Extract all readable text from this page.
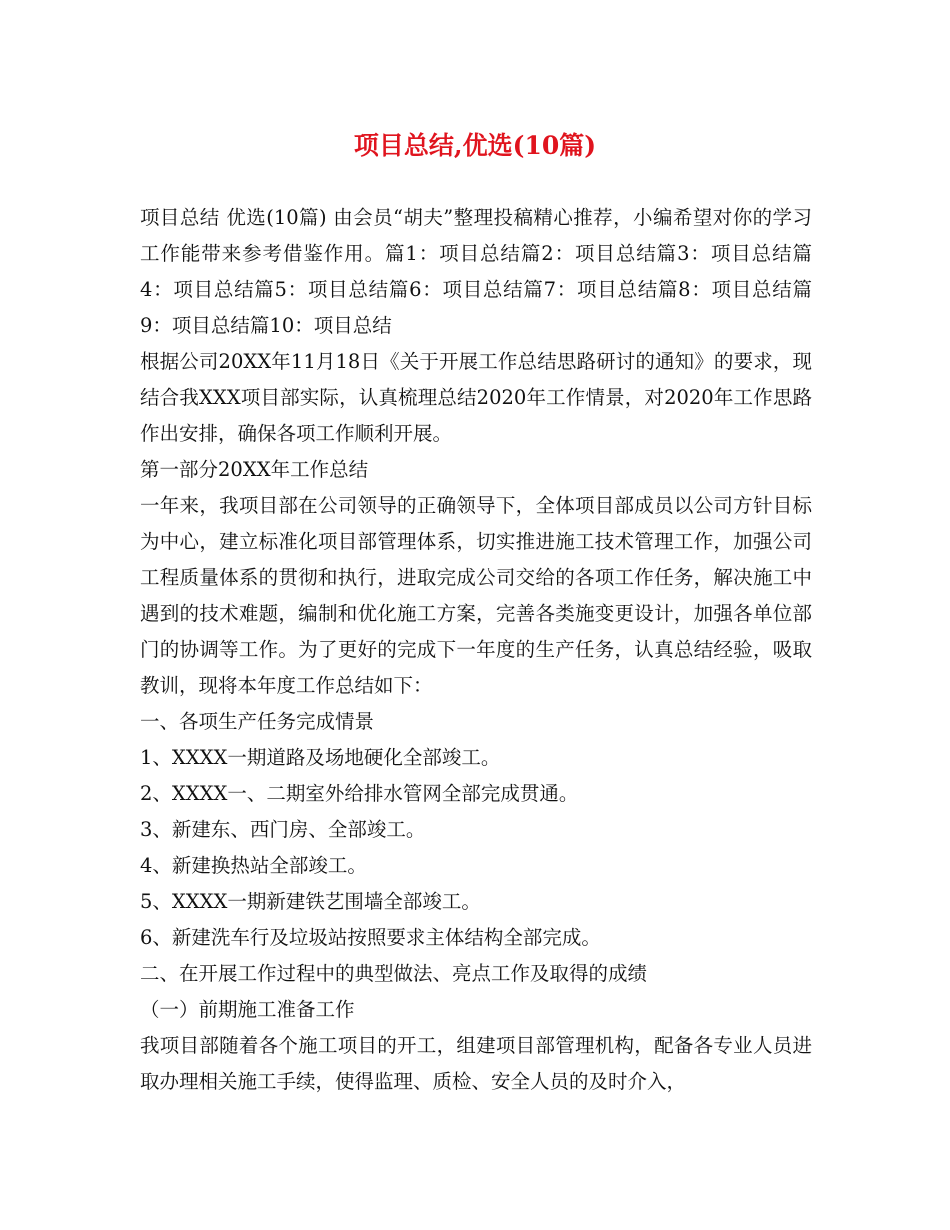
项目总结,优选(10篇)

项目总结 优选(10篇) 由会员“胡夫”整理投稿精心推荐，小编希望对你的学习工作能带来参考借鉴作用。篇1：项目总结篇2：项目总结篇3：项目总结篇4：项目总结篇5：项目总结篇6：项目总结篇7：项目总结篇8：项目总结篇9：项目总结篇10：项目总结

根据公司20XX年11月18日《关于开展工作总结思路研讨的通知》的要求，现结合我XXX项目部实际，认真梳理总结2020年工作情景，对2020年工作思路作出安排，确保各项工作顺利开展。

第一部分20XX年工作总结

一年来，我项目部在公司领导的正确领导下，全体项目部成员以公司方针目标为中心，建立标准化项目部管理体系，切实推进施工技术管理工作，加强公司工程质量体系的贯彻和执行，进取完成公司交给的各项工作任务，解决施工中遇到的技术难题，编制和优化施工方案，完善各类施变更设计，加强各单位部门的协调等工作。为了更好的完成下一年度的生产任务，认真总结经验，吸取教训，现将本年度工作总结如下：

一、各项生产任务完成情景

1、XXXX一期道路及场地硬化全部竣工。

2、XXXX一、二期室外给排水管网全部完成贯通。

3、新建东、西门房、全部竣工。

4、新建换热站全部竣工。

5、XXXX一期新建铁艺围墙全部竣工。

6、新建洗车行及垃圾站按照要求主体结构全部完成。

二、在开展工作过程中的典型做法、亮点工作及取得的成绩

（一）前期施工准备工作

我项目部随着各个施工项目的开工，组建项目部管理机构，配备各专业人员进取办理相关施工手续，使得监理、质检、安全人员的及时介入，
